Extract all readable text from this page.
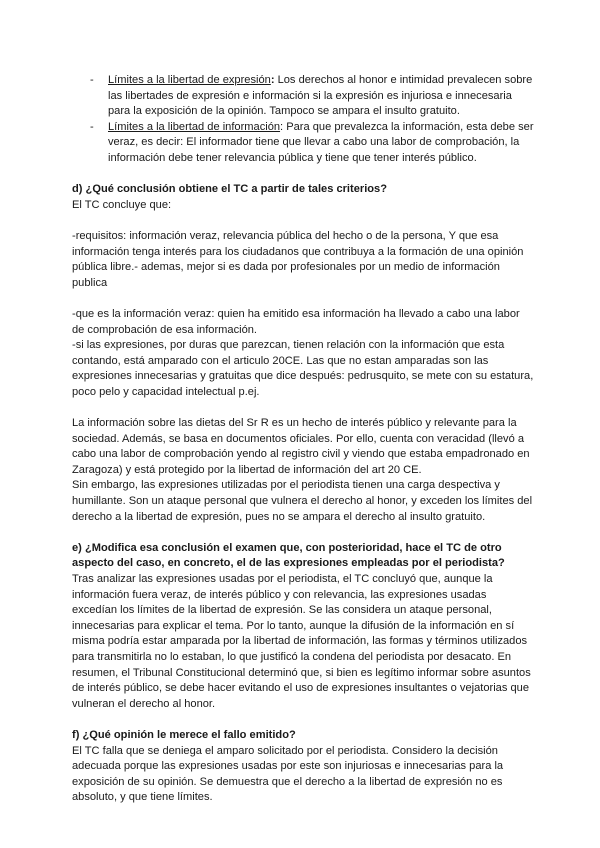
- Límites a la libertad de expresión: Los derechos al honor e intimidad prevalecen sobre las libertades de expresión e información si la expresión es injuriosa e innecesaria para la exposición de la opinión. Tampoco se ampara el insulto gratuito.
- Límites a la libertad de información: Para que prevalezca la información, esta debe ser veraz, es decir: El informador tiene que llevar a cabo una labor de comprobación, la información debe tener relevancia pública y tiene que tener interés público.
d) ¿Qué conclusión obtiene el TC a partir de tales criterios?

El TC concluye que:

-requisitos: información veraz, relevancia pública del hecho o de la persona, Y que esa información tenga interés para los ciudadanos que contribuya a la formación de una opinión pública libre.- ademas, mejor si es dada por profesionales por un medio de información publica

-que es la información veraz: quien ha emitido esa información ha llevado a cabo una labor de comprobación de esa información.

-si las expresiones, por duras que parezcan, tienen relación con la información que esta contando, está amparado con el articulo 20CE. Las que no estan amparadas son las expresiones innecesarias y gratuitas que dice después: pedrusquito, se mete con su estatura, poco pelo y capacidad intelectual p.ej.

La información sobre las dietas del Sr R es un hecho de interés público y relevante para la sociedad. Además, se basa en documentos oficiales. Por ello, cuenta con veracidad (llevó a cabo una labor de comprobación yendo al registro civil y viendo que estaba empadronado en Zaragoza) y está protegido por la libertad de información del art 20 CE.

Sin embargo, las expresiones utilizadas por el periodista tienen una carga despectiva y humillante. Son un ataque personal que vulnera el derecho al honor, y exceden los límites del derecho a la libertad de expresión, pues no se ampara el derecho al insulto gratuito.

e) ¿Modifica esa conclusión el examen que, con posterioridad, hace el TC de otro aspecto del caso, en concreto, el de las expresiones empleadas por el periodista?

Tras analizar las expresiones usadas por el periodista, el TC concluyó que, aunque la información fuera veraz, de interés público y con relevancia, las expresiones usadas excedían los límites de la libertad de expresión. Se las considera un ataque personal, innecesarias para explicar el tema. Por lo tanto, aunque la difusión de la información en sí misma podría estar amparada por la libertad de información, las formas y términos utilizados para transmitirla no lo estaban, lo que justificó la condena del periodista por desacato. En resumen, el Tribunal Constitucional determinó que, si bien es legítimo informar sobre asuntos de interés público, se debe hacer evitando el uso de expresiones insultantes o vejatorias que vulneran el derecho al honor.

f) ¿Qué opinión le merece el fallo emitido?

El TC falla que se deniega el amparo solicitado por el periodista. Considero la decisión adecuada porque las expresiones usadas por este son injuriosas e innecesarias para la exposición de su opinión. Se demuestra que el derecho a la libertad de expresión no es absoluto, y que tiene límites.
